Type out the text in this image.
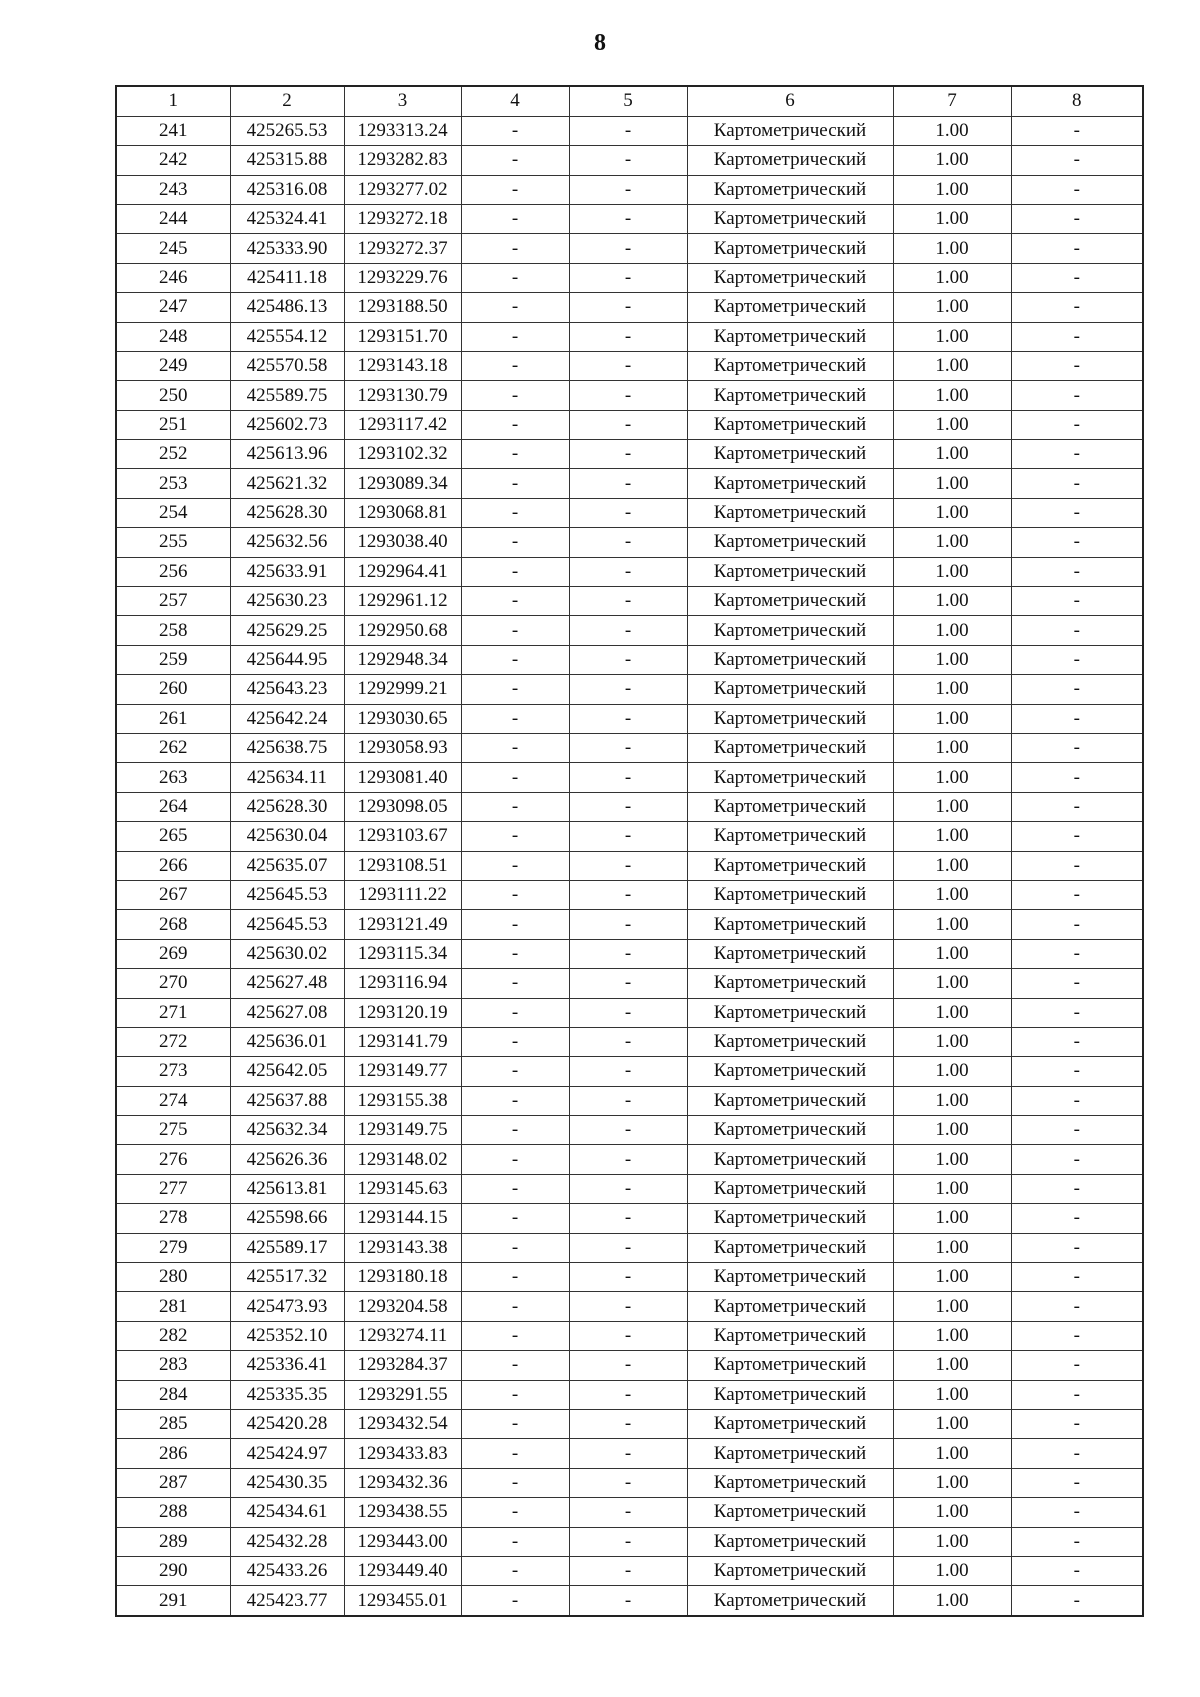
8
1	2	3	4	5	6	7	8
241	425265.53	1293313.24	-	-	Картометрический	1.00	-
242	425315.88	1293282.83	-	-	Картометрический	1.00	-
243	425316.08	1293277.02	-	-	Картометрический	1.00	-
244	425324.41	1293272.18	-	-	Картометрический	1.00	-
245	425333.90	1293272.37	-	-	Картометрический	1.00	-
246	425411.18	1293229.76	-	-	Картометрический	1.00	-
247	425486.13	1293188.50	-	-	Картометрический	1.00	-
248	425554.12	1293151.70	-	-	Картометрический	1.00	-
249	425570.58	1293143.18	-	-	Картометрический	1.00	-
250	425589.75	1293130.79	-	-	Картометрический	1.00	-
251	425602.73	1293117.42	-	-	Картометрический	1.00	-
252	425613.96	1293102.32	-	-	Картометрический	1.00	-
253	425621.32	1293089.34	-	-	Картометрический	1.00	-
254	425628.30	1293068.81	-	-	Картометрический	1.00	-
255	425632.56	1293038.40	-	-	Картометрический	1.00	-
256	425633.91	1292964.41	-	-	Картометрический	1.00	-
257	425630.23	1292961.12	-	-	Картометрический	1.00	-
258	425629.25	1292950.68	-	-	Картометрический	1.00	-
259	425644.95	1292948.34	-	-	Картометрический	1.00	-
260	425643.23	1292999.21	-	-	Картометрический	1.00	-
261	425642.24	1293030.65	-	-	Картометрический	1.00	-
262	425638.75	1293058.93	-	-	Картометрический	1.00	-
263	425634.11	1293081.40	-	-	Картометрический	1.00	-
264	425628.30	1293098.05	-	-	Картометрический	1.00	-
265	425630.04	1293103.67	-	-	Картометрический	1.00	-
266	425635.07	1293108.51	-	-	Картометрический	1.00	-
267	425645.53	1293111.22	-	-	Картометрический	1.00	-
268	425645.53	1293121.49	-	-	Картометрический	1.00	-
269	425630.02	1293115.34	-	-	Картометрический	1.00	-
270	425627.48	1293116.94	-	-	Картометрический	1.00	-
271	425627.08	1293120.19	-	-	Картометрический	1.00	-
272	425636.01	1293141.79	-	-	Картометрический	1.00	-
273	425642.05	1293149.77	-	-	Картометрический	1.00	-
274	425637.88	1293155.38	-	-	Картометрический	1.00	-
275	425632.34	1293149.75	-	-	Картометрический	1.00	-
276	425626.36	1293148.02	-	-	Картометрический	1.00	-
277	425613.81	1293145.63	-	-	Картометрический	1.00	-
278	425598.66	1293144.15	-	-	Картометрический	1.00	-
279	425589.17	1293143.38	-	-	Картометрический	1.00	-
280	425517.32	1293180.18	-	-	Картометрический	1.00	-
281	425473.93	1293204.58	-	-	Картометрический	1.00	-
282	425352.10	1293274.11	-	-	Картометрический	1.00	-
283	425336.41	1293284.37	-	-	Картометрический	1.00	-
284	425335.35	1293291.55	-	-	Картометрический	1.00	-
285	425420.28	1293432.54	-	-	Картометрический	1.00	-
286	425424.97	1293433.83	-	-	Картометрический	1.00	-
287	425430.35	1293432.36	-	-	Картометрический	1.00	-
288	425434.61	1293438.55	-	-	Картометрический	1.00	-
289	425432.28	1293443.00	-	-	Картометрический	1.00	-
290	425433.26	1293449.40	-	-	Картометрический	1.00	-
291	425423.77	1293455.01	-	-	Картометрический	1.00	-
